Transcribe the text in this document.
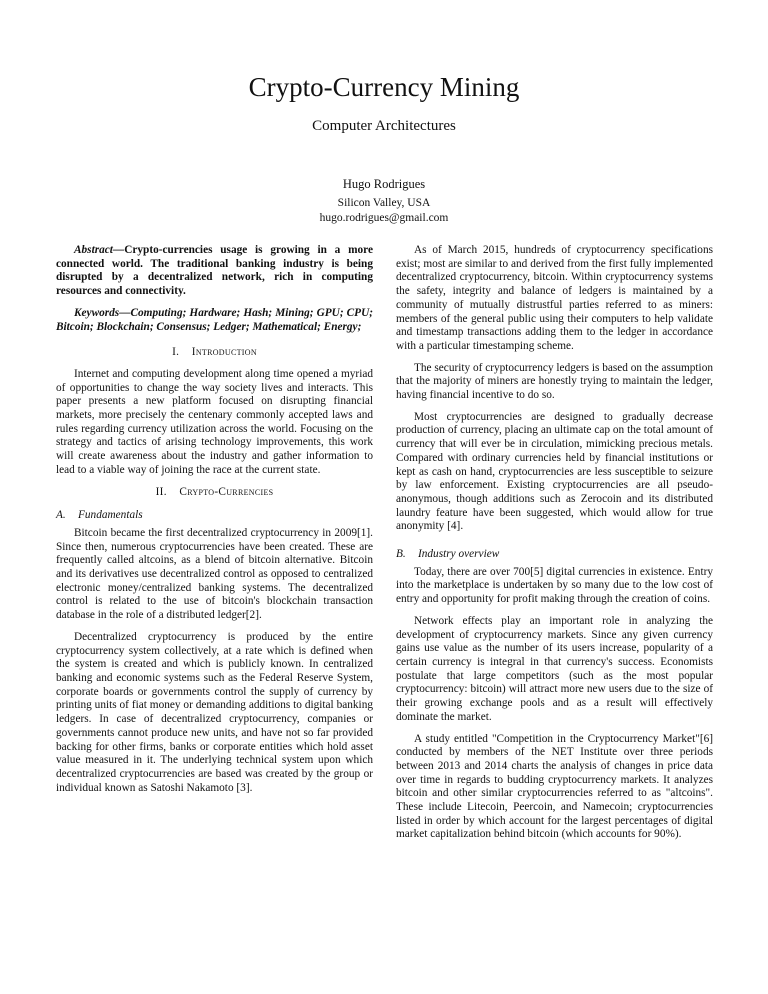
Crypto-Currency Mining
Computer Architectures
Hugo Rodrigues
Silicon Valley, USA
hugo.rodrigues@gmail.com

Abstract—Crypto-currencies usage is growing in a more connected world. The traditional banking industry is being disrupted by a decentralized network, rich in computing resources and connectivity.

Keywords—Computing; Hardware; Hash; Mining; GPU; CPU; Bitcoin; Blockchain; Consensus; Ledger; Mathematical; Energy;

I. Introduction

Internet and computing development along time opened a myriad of opportunities to change the way society lives and interacts. This paper presents a new platform focused on disrupting financial markets, more precisely the centenary commonly accepted laws and rules regarding currency utilization across the world. Focusing on the strategy and tactics of arising technology improvements, this work will create awareness about the industry and gather information to lead to a viable way of joining the race at the current state.

II. Crypto-Currencies
A. Fundamentals

Bitcoin became the first decentralized cryptocurrency in 2009[1]. Since then, numerous cryptocurrencies have been created. These are frequently called altcoins, as a blend of bitcoin alternative. Bitcoin and its derivatives use decentralized control as opposed to centralized electronic money/centralized banking systems. The decentralized control is related to the use of bitcoin's blockchain transaction database in the role of a distributed ledger[2].

Decentralized cryptocurrency is produced by the entire cryptocurrency system collectively, at a rate which is defined when the system is created and which is publicly known. In centralized banking and economic systems such as the Federal Reserve System, corporate boards or governments control the supply of currency by printing units of fiat money or demanding additions to digital banking ledgers. In case of decentralized cryptocurrency, companies or governments cannot produce new units, and have not so far provided backing for other firms, banks or corporate entities which hold asset value measured in it. The underlying technical system upon which decentralized cryptocurrencies are based was created by the group or individual known as Satoshi Nakamoto [3].

As of March 2015, hundreds of cryptocurrency specifications exist; most are similar to and derived from the first fully implemented decentralized cryptocurrency, bitcoin. Within cryptocurrency systems the safety, integrity and balance of ledgers is maintained by a community of mutually distrustful parties referred to as miners: members of the general public using their computers to help validate and timestamp transactions adding them to the ledger in accordance with a particular timestamping scheme.

The security of cryptocurrency ledgers is based on the assumption that the majority of miners are honestly trying to maintain the ledger, having financial incentive to do so.

Most cryptocurrencies are designed to gradually decrease production of currency, placing an ultimate cap on the total amount of currency that will ever be in circulation, mimicking precious metals. Compared with ordinary currencies held by financial institutions or kept as cash on hand, cryptocurrencies are less susceptible to seizure by law enforcement. Existing cryptocurrencies are all pseudo-anonymous, though additions such as Zerocoin and its distributed laundry feature have been suggested, which would allow for true anonymity [4].

B. Industry overview

Today, there are over 700[5] digital currencies in existence. Entry into the marketplace is undertaken by so many due to the low cost of entry and opportunity for profit making through the creation of coins.

Network effects play an important role in analyzing the development of cryptocurrency markets. Since any given currency gains use value as the number of its users increase, popularity of a certain currency is integral in that currency's success. Economists postulate that large competitors (such as the most popular cryptocurrency: bitcoin) will attract more new users due to the size of their growing exchange pools and as a result will effectively dominate the market.

A study entitled "Competition in the Cryptocurrency Market"[6] conducted by members of the NET Institute over three periods between 2013 and 2014 charts the analysis of changes in price data over time in regards to budding cryptocurrency markets. It analyzes bitcoin and other similar cryptocurrencies referred to as "altcoins". These include Litecoin, Peercoin, and Namecoin; cryptocurrencies listed in order by which account for the largest percentages of digital market capitalization behind bitcoin (which accounts for 90%).
